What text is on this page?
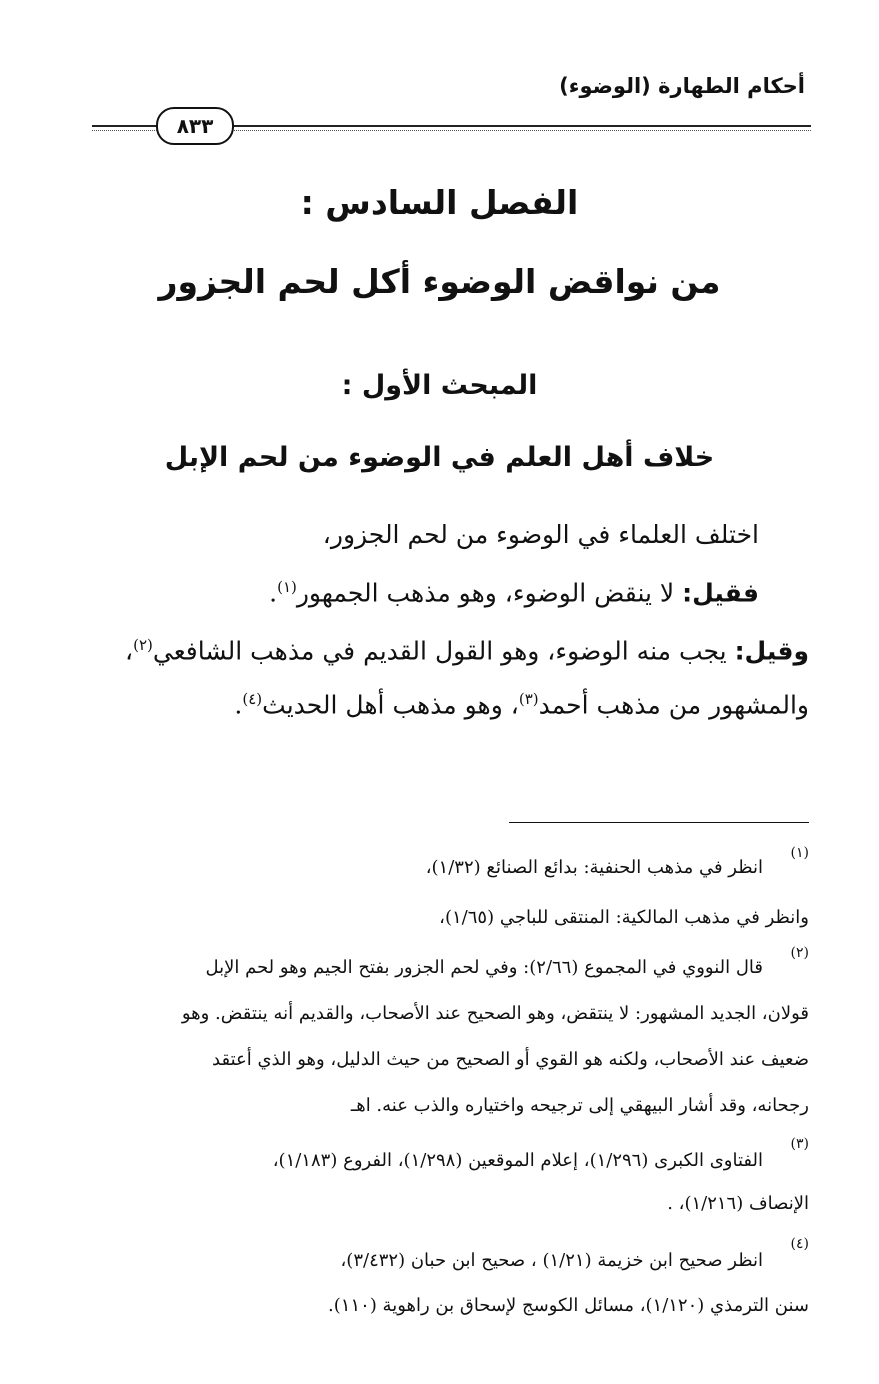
أحكام الطهارة (الوضوء)
٨٣٣
الفصل السادس :
من نواقض الوضوء أكل لحم الجزور
المبحث الأول :
خلاف أهل العلم في الوضوء من لحم الإبل
اختلف العلماء في الوضوء من لحم الجزور،
فقيل: لا ينقض الوضوء، وهو مذهب الجمهور$^{(١)}$.
وقيل: يجب منه الوضوء، وهو القول القديم في مذهب الشافعي$^{(٢)}$،
والمشهور من مذهب أحمد$^{(٣)}$، وهو مذهب أهل الحديث$^{(٤)}$.
(١)
انظر في مذهب الحنفية: بدائع الصنائع (١/٣٢)،
وانظر في مذهب المالكية: المنتقى للباجي (١/٦٥)،
(٢)
قال النووي في المجموع (٢/٦٦): وفي لحم الجزور بفتح الجيم وهو لحم الإبل
قولان، الجديد المشهور: لا ينتقض، وهو الصحيح عند الأصحاب، والقديم أنه ينتقض. وهو
ضعيف عند الأصحاب، ولكنه هو القوي أو الصحيح من حيث الدليل، وهو الذي أعتقد
رجحانه، وقد أشار البيهقي إلى ترجيحه واختياره والذب عنه. اهـ
(٣)
الفتاوى الكبرى (١/٢٩٦)، إعلام الموقعين (١/٢٩٨)، الفروع (١/١٨٣)،
الإنصاف (١/٢١٦)، .
(٤)
انظر صحيح ابن خزيمة (١/٢١) ، صحيح ابن حبان (٣/٤٣٢)،
سنن الترمذي (١/١٢٠)، مسائل الكوسج لإسحاق بن راهوية (١١٠).
